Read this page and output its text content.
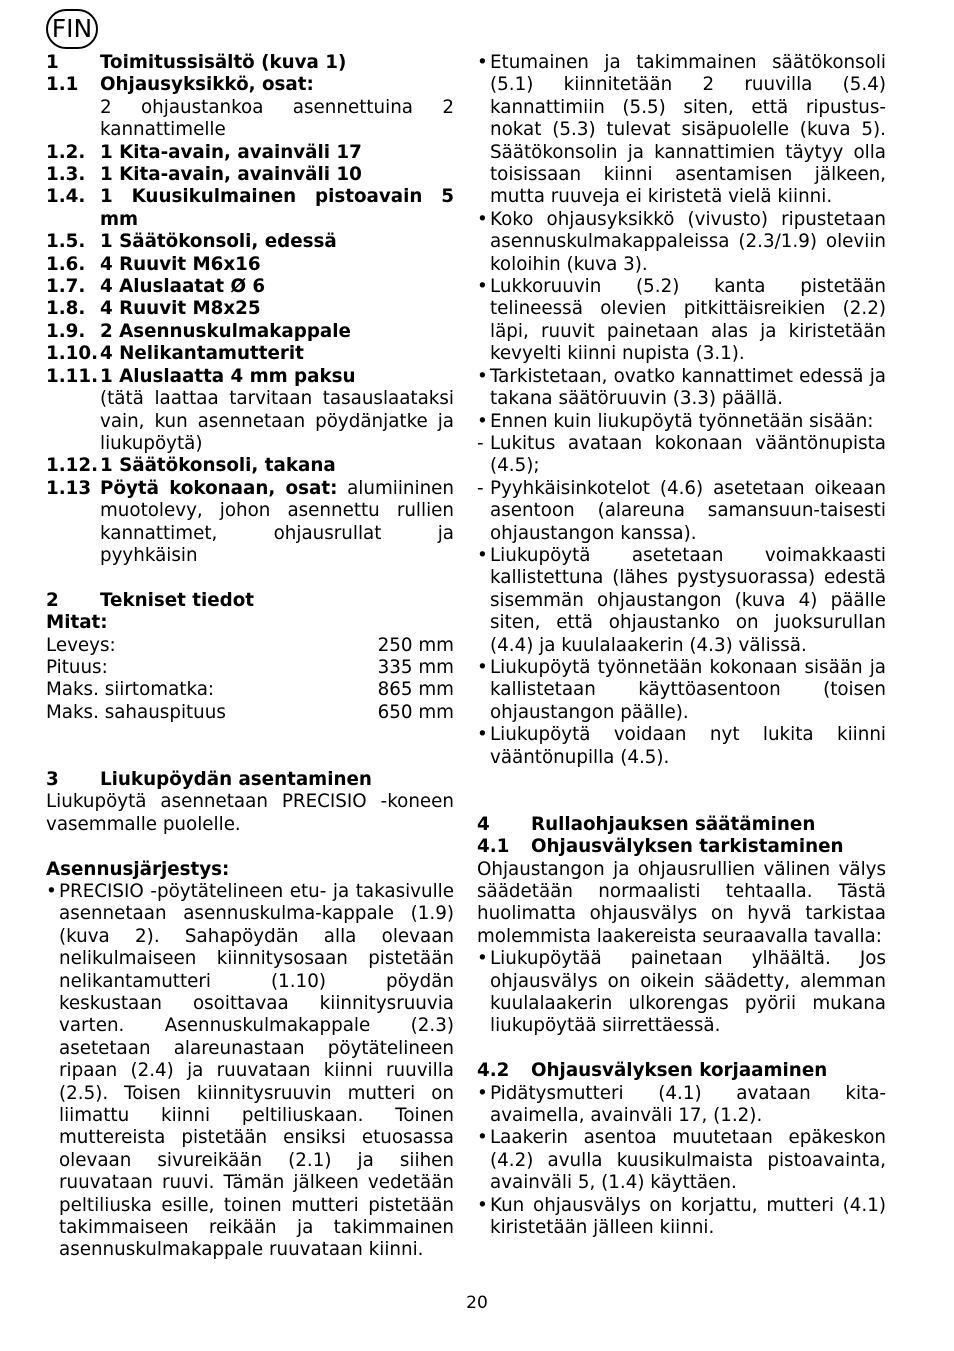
FIN
1 Toimitussisältö (kuva 1)
1.1 Ohjausyksikkö, osat:
2 ohjaustankoa asennettuina 2 kannattimelle
1.2. 1 Kita-avain, avainväli 17
1.3. 1 Kita-avain, avainväli 10
1.4. 1 Kuusikulmainen pistoavain 5 mm
1.5. 1 Säätökonsoli, edessä
1.6. 4 Ruuvit M6x16
1.7. 4 Aluslaatat Ø 6
1.8. 4 Ruuvit M8x25
1.9. 2 Asennuskulmakappale
1.10. 4 Nelikantamutterit
1.11. 1 Aluslaatta 4 mm paksu
(tätä laattaa tarvitaan tasauslaataksi vain, kun asennetaan pöydänjatke ja liukupöytä)
1.12. 1 Säätökonsoli, takana
1.13 Pöytä kokonaan, osat: alumiininen muotolevy, johon asennettu rullien kannattimet, ohjausrullat ja pyyhkäisin
2	Tekniset tiedot
Mitat:
Leveys:	250 mm
Pituus:	335 mm
Maks. siirtomatka:	865 mm
Maks. sahauspituus	650 mm
3	Liukupöydän asentaminen
Liukupöytä asennetaan PRECISIO -koneen vasemmalle puolelle.
Asennusjärjestys:
• PRECISIO -pöytätelineen etu- ja takasivulle asennetaan asennuskulma-kappale (1.9) (kuva 2). Sahapöydän alla olevaan nelikulmaiseen kiinnitysosaan pistetään nelikantamutteri (1.10) pöydän keskustaan osoittavaa kiinnitysruuvia varten. Asennuskulmakappale (2.3) asetetaan alareunastaan pöytätelineen ripaan (2.4) ja ruuvataan kiinni ruuvilla (2.5). Toisen kiinnitysruuvin mutteri on liimattu kiinni peltiliuskaan. Toinen muttereista pistetään ensiksi etuosassa olevaan sivureikään (2.1) ja siihen ruuvataan ruuvi. Tämän jälkeen vedetään peltiliuska esille, toinen mutteri pistetään takimmaiseen reikään ja takimmainen asennuskulmakappale ruuvataan kiinni.
• Etumainen ja takimmainen säätökonsoli (5.1) kiinnitetään 2 ruuvilla (5.4) kannattimiin (5.5) siten, että ripustus-nokat (5.3) tulevat sisäpuolelle (kuva 5). Säätökonsolin ja kannattimien täytyy olla toisissaan kiinni asentamisen jälkeen, mutta ruuveja ei kiristetä vielä kiinni.
• Koko ohjausyksikkö (vivusto) ripustetaan asennuskulmakappaleissa (2.3/1.9) oleviin koloihin (kuva 3).
• Lukkoruuvin (5.2) kanta pistetään telineessä olevien pitkittäisreikien (2.2) läpi, ruuvit painetaan alas ja kiristetään kevyelti kiinni nupista (3.1).
• Tarkistetaan, ovatko kannattimet edessä ja takana säätöruuvin (3.3) päällä.
• Ennen kuin liukupöytä työnnetään sisään:
- Lukitus avataan kokonaan vääntönupista (4.5);
- Pyyhkäisinkotelot (4.6) asetetaan oikeaan asentoon (alareuna samansuun-taisesti ohjaustangon kanssa).
• Liukupöytä asetetaan voimakkaasti kallistettuna (lähes pystysuorassa) edestä sisemmän ohjaustangon (kuva 4) päälle siten, että ohjaustanko on juoksurullan (4.4) ja kuulalaakerin (4.3) välissä.
• Liukupöytä työnnetään kokonaan sisään ja kallistetaan käyttöasentoon (toisen ohjaustangon päälle).
• Liukupöytä voidaan nyt lukita kiinni vääntönupilla (4.5).
4	Rullaohjauksen säätäminen
4.1	Ohjausvälyksen tarkistaminen
Ohjaustangon ja ohjausrullien välinen välys säädetään normaalisti tehtaalla. Tästä huolimatta ohjausvälys on hyvä tarkistaa molemmista laakereista seuraavalla tavalla:
• Liukupöytää painetaan ylhäältä. Jos ohjausvälys on oikein säädetty, alemman kuulalaakerin ulkorengas pyörii mukana liukupöytää siirrettäessä.
4.2	Ohjausvälyksen korjaaminen
• Pidätysmutteri (4.1) avataan kita-avaimella, avainväli 17, (1.2).
• Laakerin asentoa muutetaan epäkeskon (4.2) avulla kuusikulmaista pistoavainta, avainväli 5, (1.4) käyttäen.
• Kun ohjausvälys on korjattu, mutteri (4.1) kiristetään jälleen kiinni.
20
